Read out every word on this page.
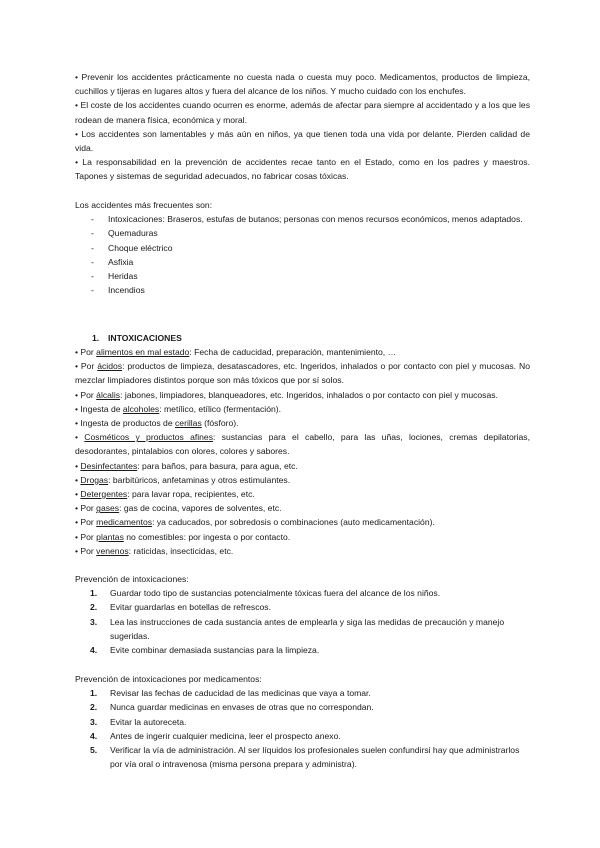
• Prevenir los accidentes prácticamente no cuesta nada o cuesta muy poco. Medicamentos, productos de limpieza, cuchillos y tijeras en lugares altos y fuera del alcance de los niños. Y mucho cuidado con los enchufes.

• El coste de los accidentes cuando ocurren es enorme, además de afectar para siempre al accidentado y a los que les rodean de manera física, económica y moral.

• Los accidentes son lamentables y más aún en niños, ya que tienen toda una vida por delante. Pierden calidad de vida.

• La responsabilidad en la prevención de accidentes recae tanto en el Estado, como en los padres y maestros. Tapones y sistemas de seguridad adecuados, no fabricar cosas tóxicas.

Los accidentes más frecuentes son:

- Intoxicaciones: Braseros, estufas de butanos; personas con menos recursos económicos, menos adaptados.
- Quemaduras
- Choque eléctrico
- Asfixia
- Heridas
- Incendios
1. INTOXICACIONES

• Por alimentos en mal estado: Fecha de caducidad, preparación, mantenimiento, …

• Por ácidos: productos de limpieza, desatascadores, etc. Ingeridos, inhalados o por contacto con piel y mucosas. No mezclar limpiadores distintos porque son más tóxicos que por sí solos.

• Por álcalis: jabones, limpiadores, blanqueadores, etc. Ingeridos, inhalados o por contacto con piel y mucosas.

• Ingesta de alcoholes: metílico, etílico (fermentación).

• Ingesta de productos de cerillas (fósforo).

• Cosméticos y productos afines: sustancias para el cabello, para las uñas, lociones, cremas depilatorias, desodorantes, pintalabios con olores, colores y sabores.

• Desinfectantes: para baños, para basura, para agua, etc.

• Drogas: barbitúricos, anfetaminas y otros estimulantes.

• Detergentes: para lavar ropa, recipientes, etc.

• Por gases: gas de cocina, vapores de solventes, etc.

• Por medicamentos: ya caducados, por sobredosis o combinaciones (auto medicamentación).

• Por plantas no comestibles: por ingesta o por contacto.

• Por venenos: raticidas, insecticidas, etc.

Prevención de intoxicaciones:

1. Guardar todo tipo de sustancias potencialmente tóxicas fuera del alcance de los niños.
2. Evitar guardarlas en botellas de refrescos.
3. Lea las instrucciones de cada sustancia antes de emplearla y siga las medidas de precaución y manejo sugeridas.
4. Evite combinar demasiada sustancias para la limpieza.

Prevención de intoxicaciones por medicamentos:

1. Revisar las fechas de caducidad de las medicinas que vaya a tomar.
2. Nunca guardar medicinas en envases de otras que no correspondan.
3. Evitar la autoreceta.
4. Antes de ingerir cualquier medicina, leer el prospecto anexo.
5. Verificar la vía de administración. Al ser líquidos los profesionales suelen confundirsi hay que administrarlos por vía oral o intravenosa (misma persona prepara y administra).
